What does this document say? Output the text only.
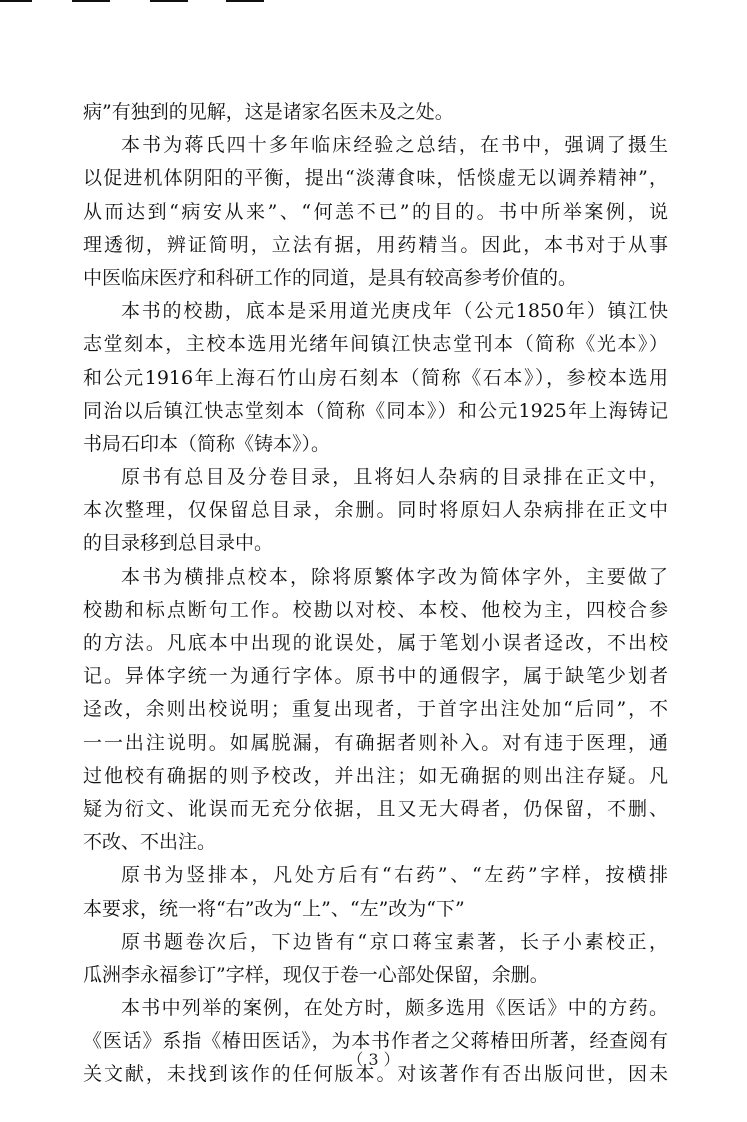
病”有独到的见解，这是诸家名医未及之处。
本书为蒋氏四十多年临床经验之总结，在书中，强调了摄生
以促进机体阴阳的平衡，提出“淡薄食味，恬惔虚无以调养精神”，
从而达到“病安从来”、“何恙不已”的目的。书中所举案例，说
理透彻，辨证简明，立法有据，用药精当。因此，本书对于从事
中医临床医疗和科研工作的同道，是具有较高参考价值的。
本书的校勘，底本是采用道光庚戌年（公元1850年）镇江快
志堂刻本，主校本选用光绪年间镇江快志堂刊本（简称《光本》）
和公元1916年上海石竹山房石刻本（简称《石本》），参校本选用
同治以后镇江快志堂刻本（简称《同本》）和公元1925年上海铸记
书局石印本（简称《铸本》）。
原书有总目及分卷目录，且将妇人杂病的目录排在正文中，
本次整理，仅保留总目录，余删。同时将原妇人杂病排在正文中
的目录移到总目录中。
本书为横排点校本，除将原繁体字改为简体字外，主要做了
校勘和标点断句工作。校勘以对校、本校、他校为主，四校合参
的方法。凡底本中出现的讹误处，属于笔划小误者迳改，不出校
记。异体字统一为通行字体。原书中的通假字，属于缺笔少划者
迳改，余则出校说明；重复出现者，于首字出注处加“后同”，不
一一出注说明。如属脱漏，有确据者则补入。对有违于医理，通
过他校有确据的则予校改，并出注；如无确据的则出注存疑。凡
疑为衍文、讹误而无充分依据，且又无大碍者，仍保留，不删、
不改、不出注。
原书为竖排本，凡处方后有“右药”、“左药”字样，按横排
本要求，统一将“右”改为“上”、“左”改为“下”
原书题卷次后，下边皆有“京口蒋宝素著，长子小素校正，
瓜洲李永福参订”字样，现仅于卷一心部处保留，余删。
本书中列举的案例，在处方时，颇多选用《医话》中的方药。
《医话》系指《椿田医话》，为本书作者之父蒋椿田所著，经查阅有
关文献，未找到该作的任何版本。对该著作有否出版问世，因未
（ 3 ）
